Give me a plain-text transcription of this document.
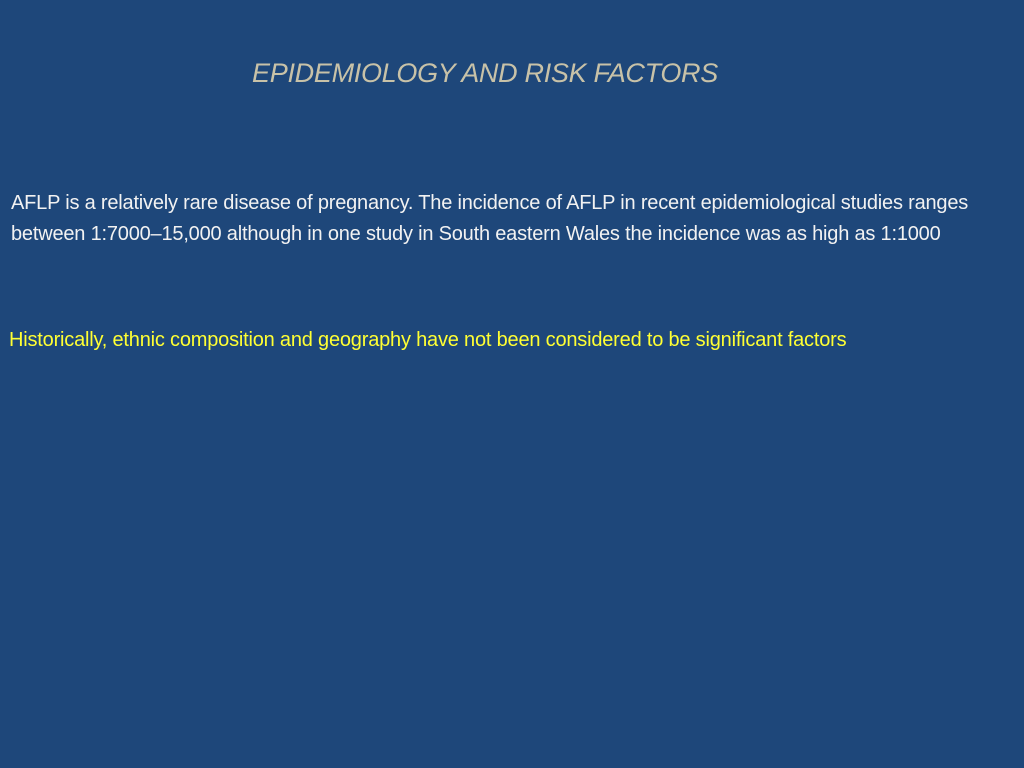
EPIDEMIOLOGY AND RISK FACTORS
AFLP is a relatively rare disease of pregnancy. The incidence of AFLP in recent epidemiological studies ranges between 1:7000–15,000 although in one study in South eastern Wales the incidence was as high as 1:1000
Historically, ethnic composition and geography have not been considered to be significant factors
